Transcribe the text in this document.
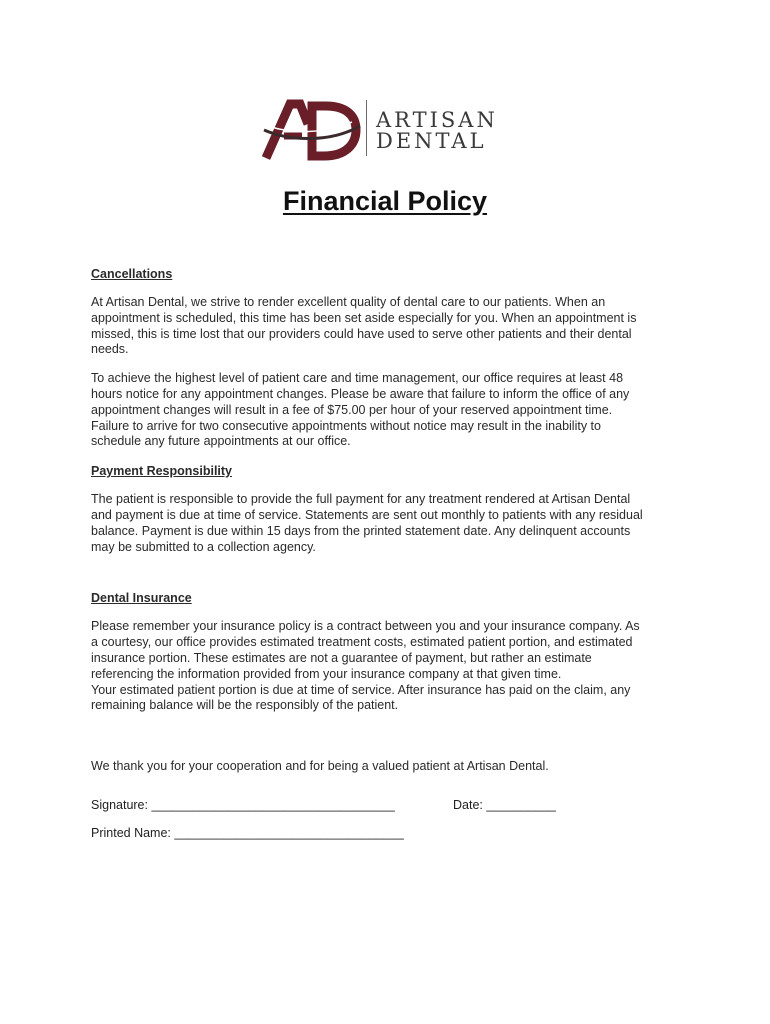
ARTISAN
DENTAL
Financial Policy
Cancellations

At Artisan Dental, we strive to render excellent quality of dental care to our patients. When an
appointment is scheduled, this time has been set aside especially for you. When an appointment is
missed, this is time lost that our providers could have used to serve other patients and their dental
needs.

To achieve the highest level of patient care and time management, our office requires at least 48
hours notice for any appointment changes. Please be aware that failure to inform the office of any
appointment changes will result in a fee of $75.00 per hour of your reserved appointment time.
Failure to arrive for two consecutive appointments without notice may result in the inability to
schedule any future appointments at our office.

Payment Responsibility

The patient is responsible to provide the full payment for any treatment rendered at Artisan Dental
and payment is due at time of service. Statements are sent out monthly to patients with any residual
balance. Payment is due within 15 days from the printed statement date. Any delinquent accounts
may be submitted to a collection agency.

Dental Insurance

Please remember your insurance policy is a contract between you and your insurance company. As
a courtesy, our office provides estimated treatment costs, estimated patient portion, and estimated
insurance portion. These estimates are not a guarantee of payment, but rather an estimate
referencing the information provided from your insurance company at that given time.
Your estimated patient portion is due at time of service. After insurance has paid on the claim, any
remaining balance will be the responsibly of the patient.

We thank you for your cooperation and for being a valued patient at Artisan Dental.

Signature: ___________________________________	Date: __________
Printed Name: _________________________________
